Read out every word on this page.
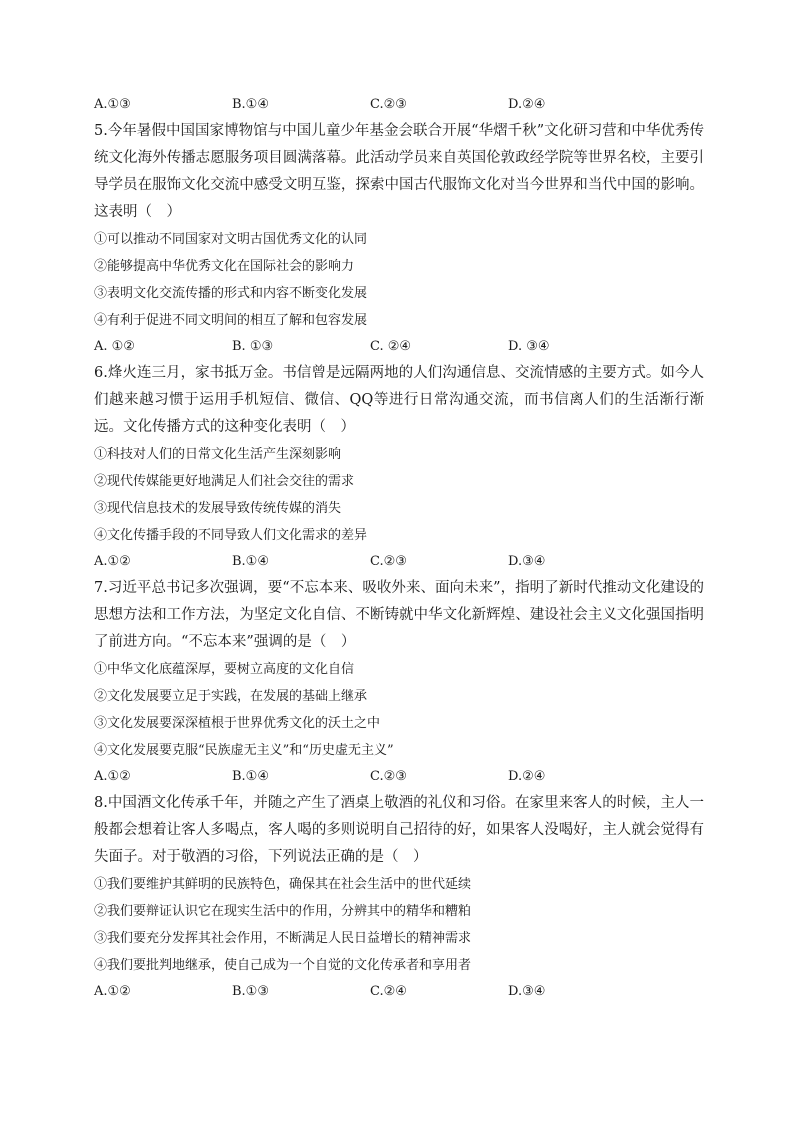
A.①③	B.①④	C.②③	D.②④

5.今年暑假中国国家博物馆与中国儿童少年基金会联合开展“华熠千秋”文化研习营和中华优秀传统文化海外传播志愿服务项目圆满落幕。此活动学员来自英国伦敦政经学院等世界名校，主要引导学员在服饰文化交流中感受文明互鉴，探索中国古代服饰文化对当今世界和当代中国的影响。这表明（　）

①可以推动不同国家对文明古国优秀文化的认同
②能够提高中华优秀文化在国际社会的影响力
③表明文化交流传播的形式和内容不断变化发展
④有利于促进不同文明间的相互了解和包容发展
A. ①②	B. ①③	C. ②④	D. ③④

6.烽火连三月，家书抵万金。书信曾是远隔两地的人们沟通信息、交流情感的主要方式。如今人们越来越习惯于运用手机短信、微信、QQ等进行日常沟通交流，而书信离人们的生活渐行渐远。文化传播方式的这种变化表明（　）

①科技对人们的日常文化生活产生深刻影响
②现代传媒能更好地满足人们社会交往的需求
③现代信息技术的发展导致传统传媒的消失
④文化传播手段的不同导致人们文化需求的差异
A.①②	B.①④	C.②③	D.③④

7.习近平总书记多次强调，要“不忘本来、吸收外来、面向未来”，指明了新时代推动文化建设的思想方法和工作方法，为坚定文化自信、不断铸就中华文化新辉煌、建设社会主义文化强国指明了前进方向。“不忘本来”强调的是（　）

①中华文化底蕴深厚，要树立高度的文化自信
②文化发展要立足于实践，在发展的基础上继承
③文化发展要深深植根于世界优秀文化的沃土之中
④文化发展要克服“民族虚无主义”和“历史虚无主义”
A.①②	B.①④	C.②③	D.②④

8.中国酒文化传承千年，并随之产生了酒桌上敬酒的礼仪和习俗。在家里来客人的时候，主人一般都会想着让客人多喝点，客人喝的多则说明自己招待的好，如果客人没喝好，主人就会觉得有失面子。对于敬酒的习俗，下列说法正确的是（　）

①我们要维护其鲜明的民族特色，确保其在社会生活中的世代延续
②我们要辩证认识它在现实生活中的作用，分辨其中的精华和糟粕
③我们要充分发挥其社会作用，不断满足人民日益增长的精神需求
④我们要批判地继承，使自己成为一个自觉的文化传承者和享用者
A.①②	B.①③	C.②④	D.③④
